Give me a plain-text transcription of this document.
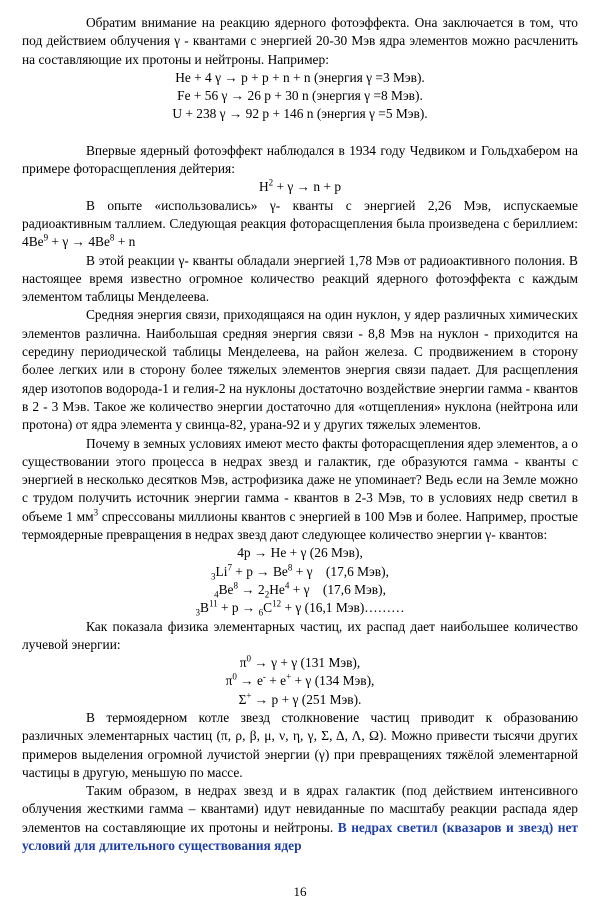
Обратим внимание на реакцию ядерного фотоэффекта. Она заключается в том, что под действием облучения γ - квантами с энергией 20-30 Мэв ядра элементов можно расчленить на составляющие их протоны и нейтроны. Например:

He + 4 γ → p + p + n + n (энергия γ =3 Мэв).
Fe + 56 γ → 26 p + 30 n (энергия γ =8 Мэв).
U + 238 γ → 92 p + 146 n (энергия γ =5 Мэв).

Впервые ядерный фотоэффект наблюдался в 1934 году Чедвиком и Гольдхабером на примере фоторасщепления дейтерия:

$H^2 + \gamma \to n + p$

В опыте «использовались» γ- кванты с энергией 2,26 Мэв, испускаемые радиоактивным таллием. Следующая реакция фоторасщепления была произведена с бериллием: $4Be^9 + \gamma \to 4Be^8 + n$

В этой реакции γ- кванты обладали энергией 1,78 Мэв от радиоактивного полония. В настоящее время известно огромное количество реакций ядерного фотоэффекта с каждым элементом таблицы Менделеева.

Средняя энергия связи, приходящаяся на один нуклон, у ядер различных химических элементов различна. Наибольшая средняя энергия связи - 8,8 Мэв на нуклон - приходится на середину периодической таблицы Менделеева, на район железа. С продвижением в сторону более легких или в сторону более тяжелых элементов энергия связи падает. Для расщепления ядер изотопов водорода-1 и гелия-2 на нуклоны достаточно воздействие энергии гамма - квантов в 2 - 3 Мэв. Такое же количество энергии достаточно для «отщепления» нуклона (нейтрона или протона) от ядра элемента у свинца-82, урана-92 и у других тяжелых элементов.

Почему в земных условиях имеют место факты фоторасщепления ядер элементов, а о существовании этого процесса в недрах звезд и галактик, где образуются гамма - кванты с энергией в несколько десятков Мэв, астрофизика даже не упоминает? Ведь если на Земле можно с трудом получить источник энергии гамма - квантов в 2-3 Мэв, то в условиях недр светил в объеме 1 $мм^3$ спрессованы миллионы квантов с энергией в 100 Мэв и более. Например, простые термоядерные превращения в недрах звезд дают следующее количество энергии γ- квантов:

4p → He + γ (26 Мэв),
$_3Li^7 + p \to Be^8 + \gamma$    (17,6 Мэв),
$_4Be^8 \to 2_2He^4 + \gamma$    (17,6 Мэв),
$_3B^{11} + p \to _6C^{12} + \gamma$ (16,1 Мэв)………

Как показала физика элементарных частиц, их распад дает наибольшее количество лучевой энергии:

$\pi^0 \to \gamma + \gamma$ (131 Мэв),
$\pi^0 \to e^- + e^+ + \gamma$ (134 Мэв),
Σ+ → p + γ (251 Мэв).

В термоядерном котле звезд столкновение частиц приводит к образованию различных элементарных частиц (π, ρ, β, μ, ν, η, γ, Σ, Δ, Λ, Ω). Можно привести тысячи других примеров выделения огромной лучистой энергии (γ) при превращениях тяжёлой элементарной частицы в другую, меньшую по массе.

Таким образом, в недрах звезд и в ядрах галактик (под действием интенсивного облучения жесткими гамма – квантами) идут невиданные по масштабу реакции распада ядер элементов на составляющие их протоны и нейтроны. В недрах светил (квазаров и звезд) нет условий для длительного существования ядер

16
